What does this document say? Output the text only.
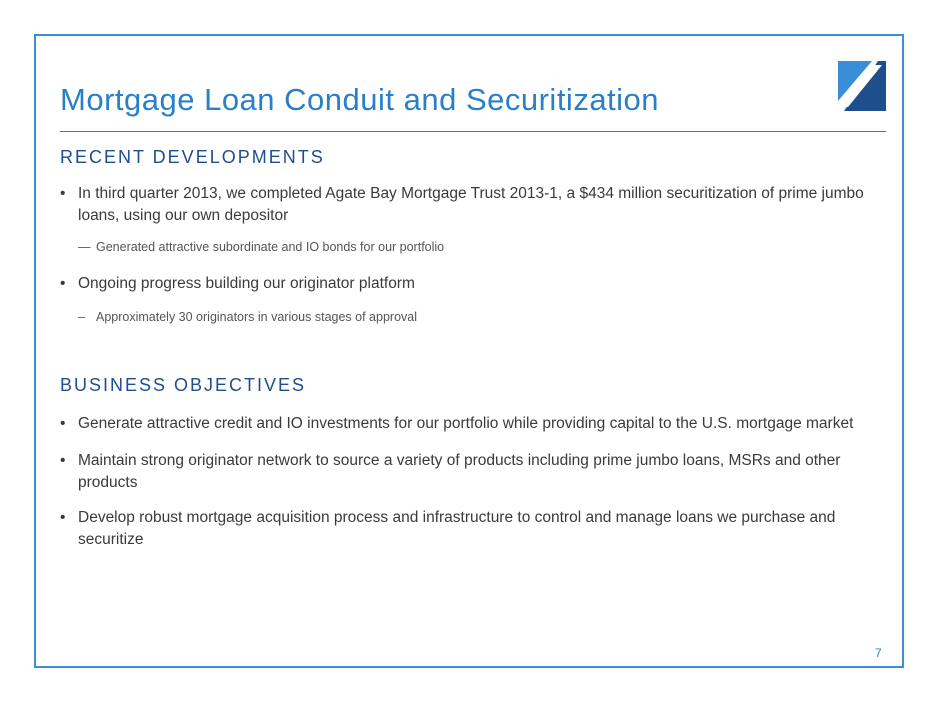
Mortgage Loan Conduit and Securitization
RECENT DEVELOPMENTS
• In third quarter 2013, we completed Agate Bay Mortgage Trust 2013-1, a $434 million securitization of prime jumbo loans, using our own depositor
— Generated attractive subordinate and IO bonds for our portfolio
• Ongoing progress building our originator platform
– Approximately 30 originators in various stages of approval
BUSINESS OBJECTIVES
• Generate attractive credit and IO investments for our portfolio while providing capital to the U.S. mortgage market
• Maintain strong originator network to source a variety of products including prime jumbo loans, MSRs and other products
• Develop robust mortgage acquisition process and infrastructure to control and manage loans we purchase and securitize
7
